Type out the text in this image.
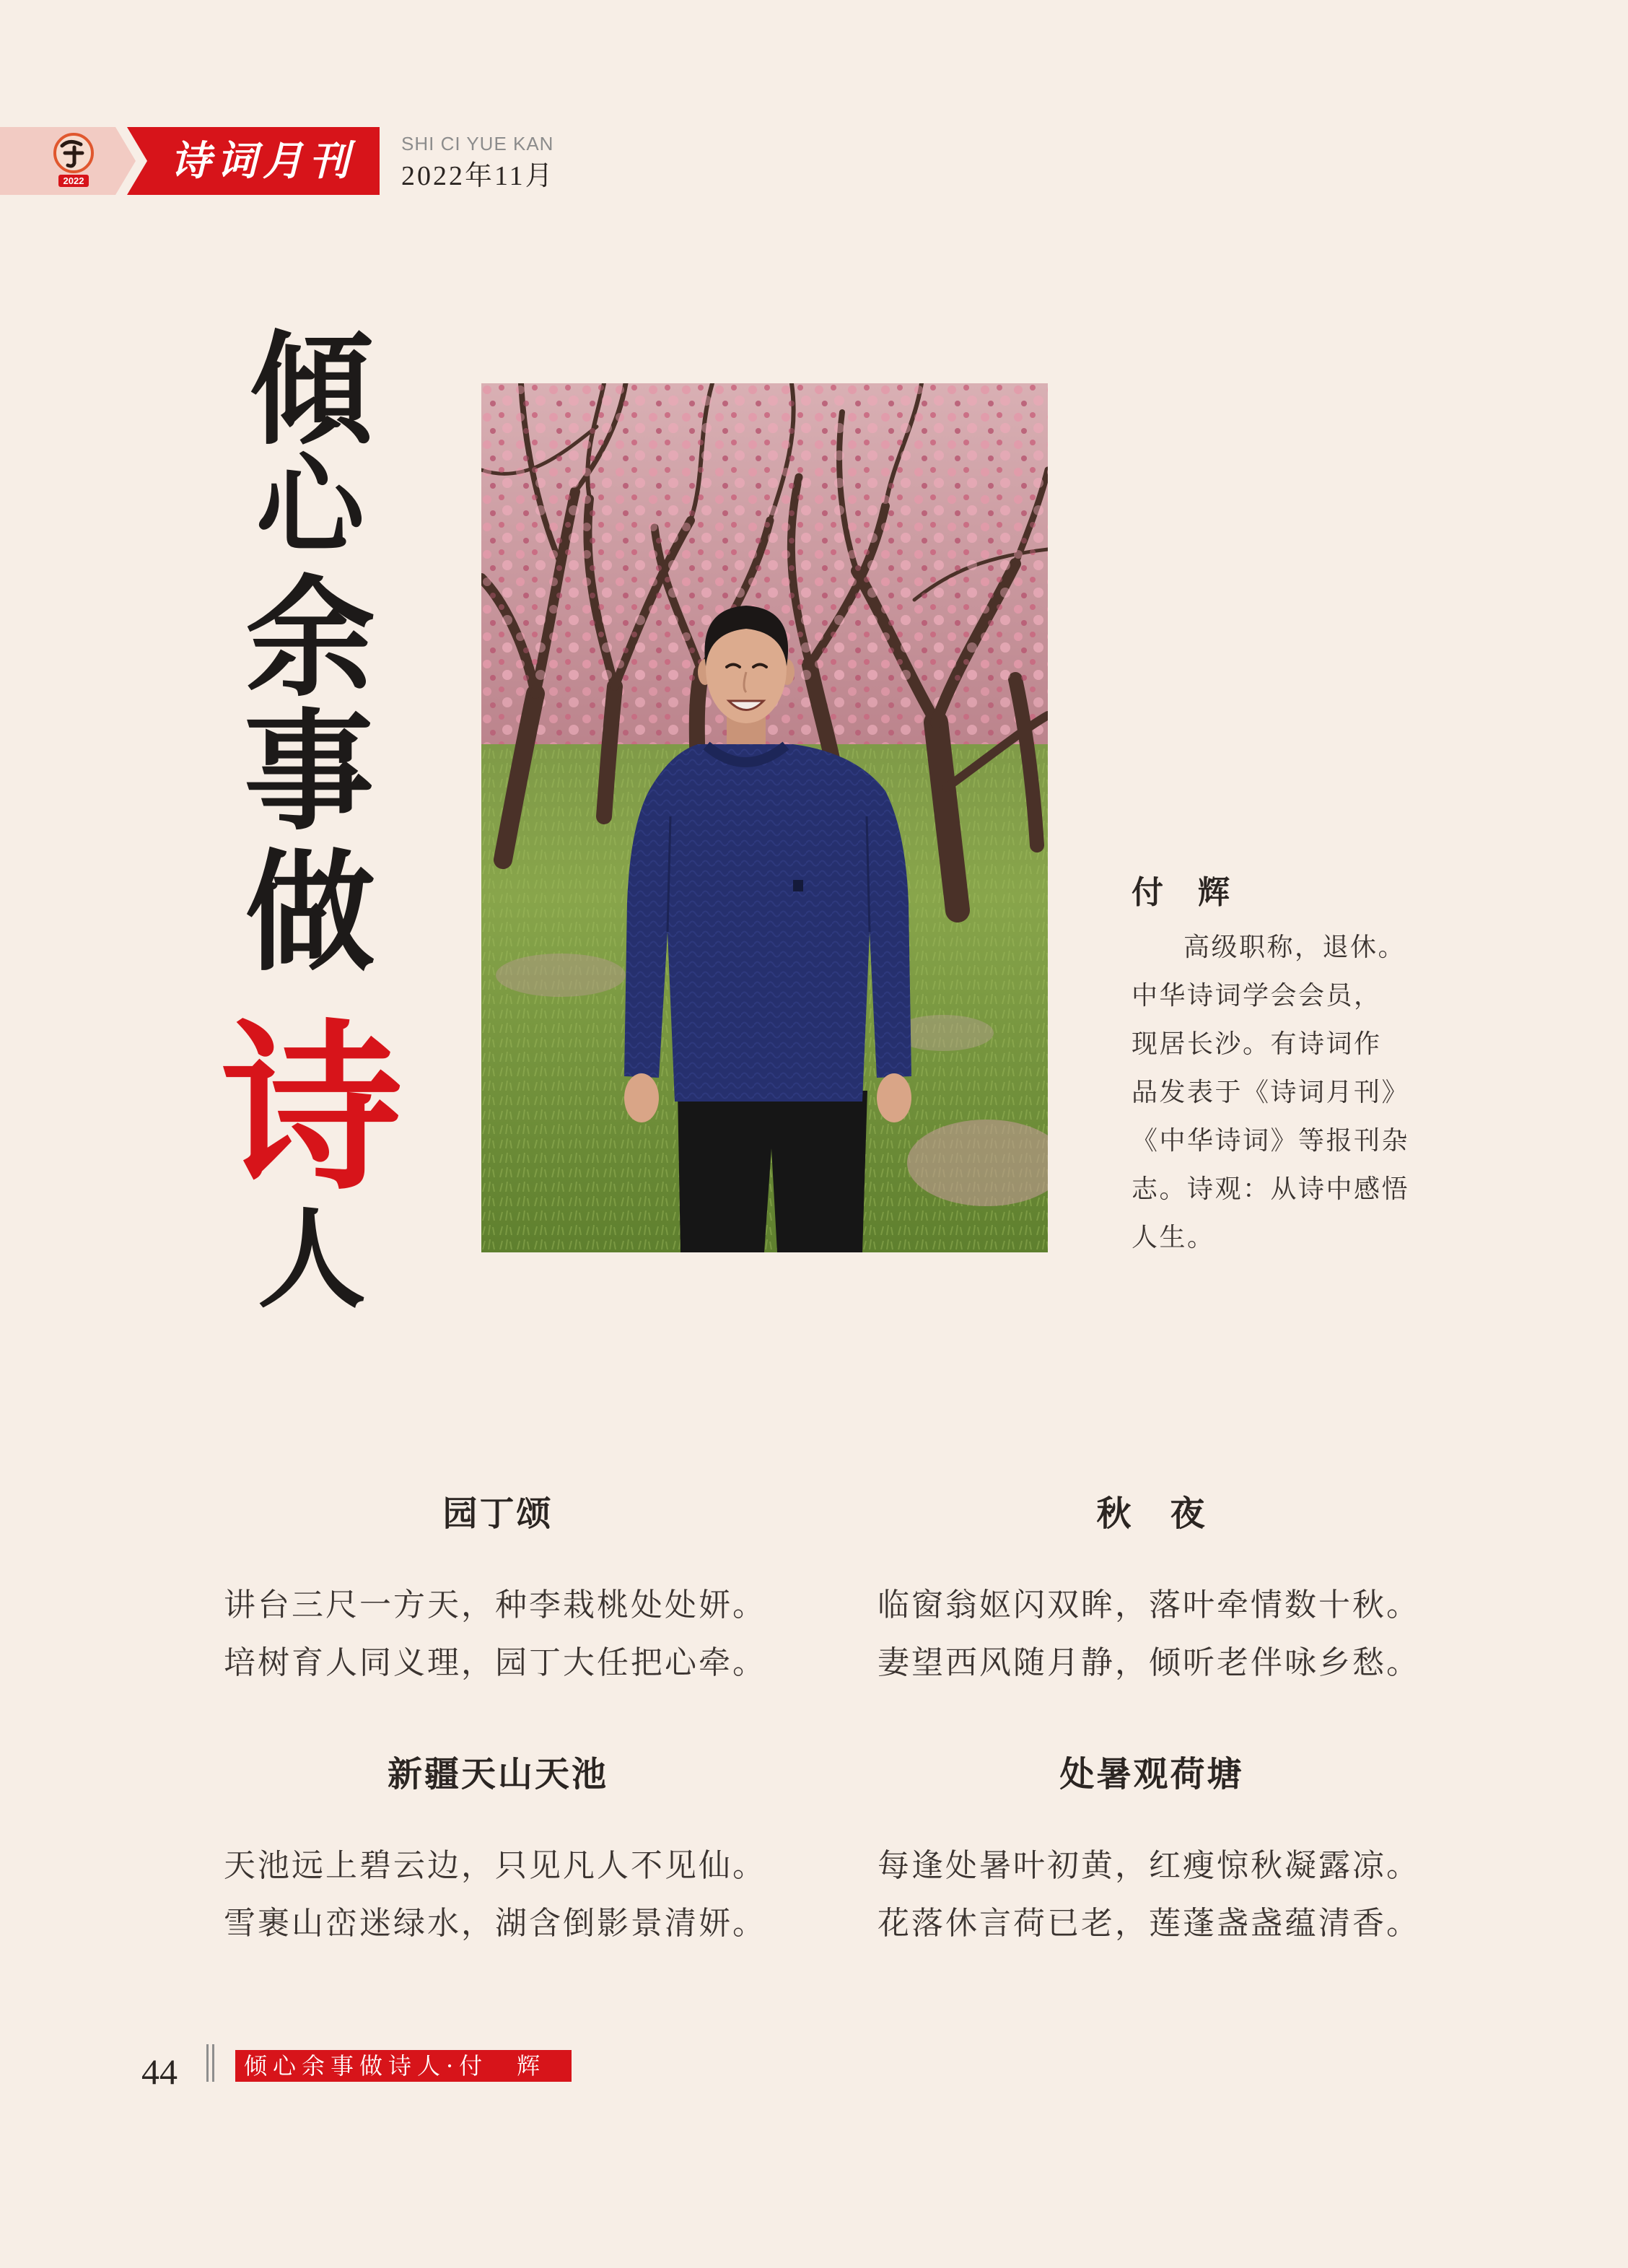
2022 诗词月刊 SHI CI YUE KAN
2022年11月
傾
心
余
事
做
诗
人
付　辉
高级职称，退休。
中华诗词学会会员，
现居长沙。有诗词作
品发表于《诗词月刊》
《中华诗词》等报刊杂
志。诗观：从诗中感悟
人生。
园丁颂
讲台三尺一方天，种李栽桃处处妍。
培树育人同义理，园丁大任把心牵。
秋　夜
临窗翁妪闪双眸，落叶牵情数十秋。
妻望西风随月静，倾听老伴咏乡愁。
新疆天山天池
天池远上碧云边，只见凡人不见仙。
雪裹山峦迷绿水，湖含倒影景清妍。
处暑观荷塘
每逢处暑叶初黄，红瘦惊秋凝露凉。
花落休言荷已老，莲蓬盏盏蕴清香。
44	倾心余事做诗人·付　辉
